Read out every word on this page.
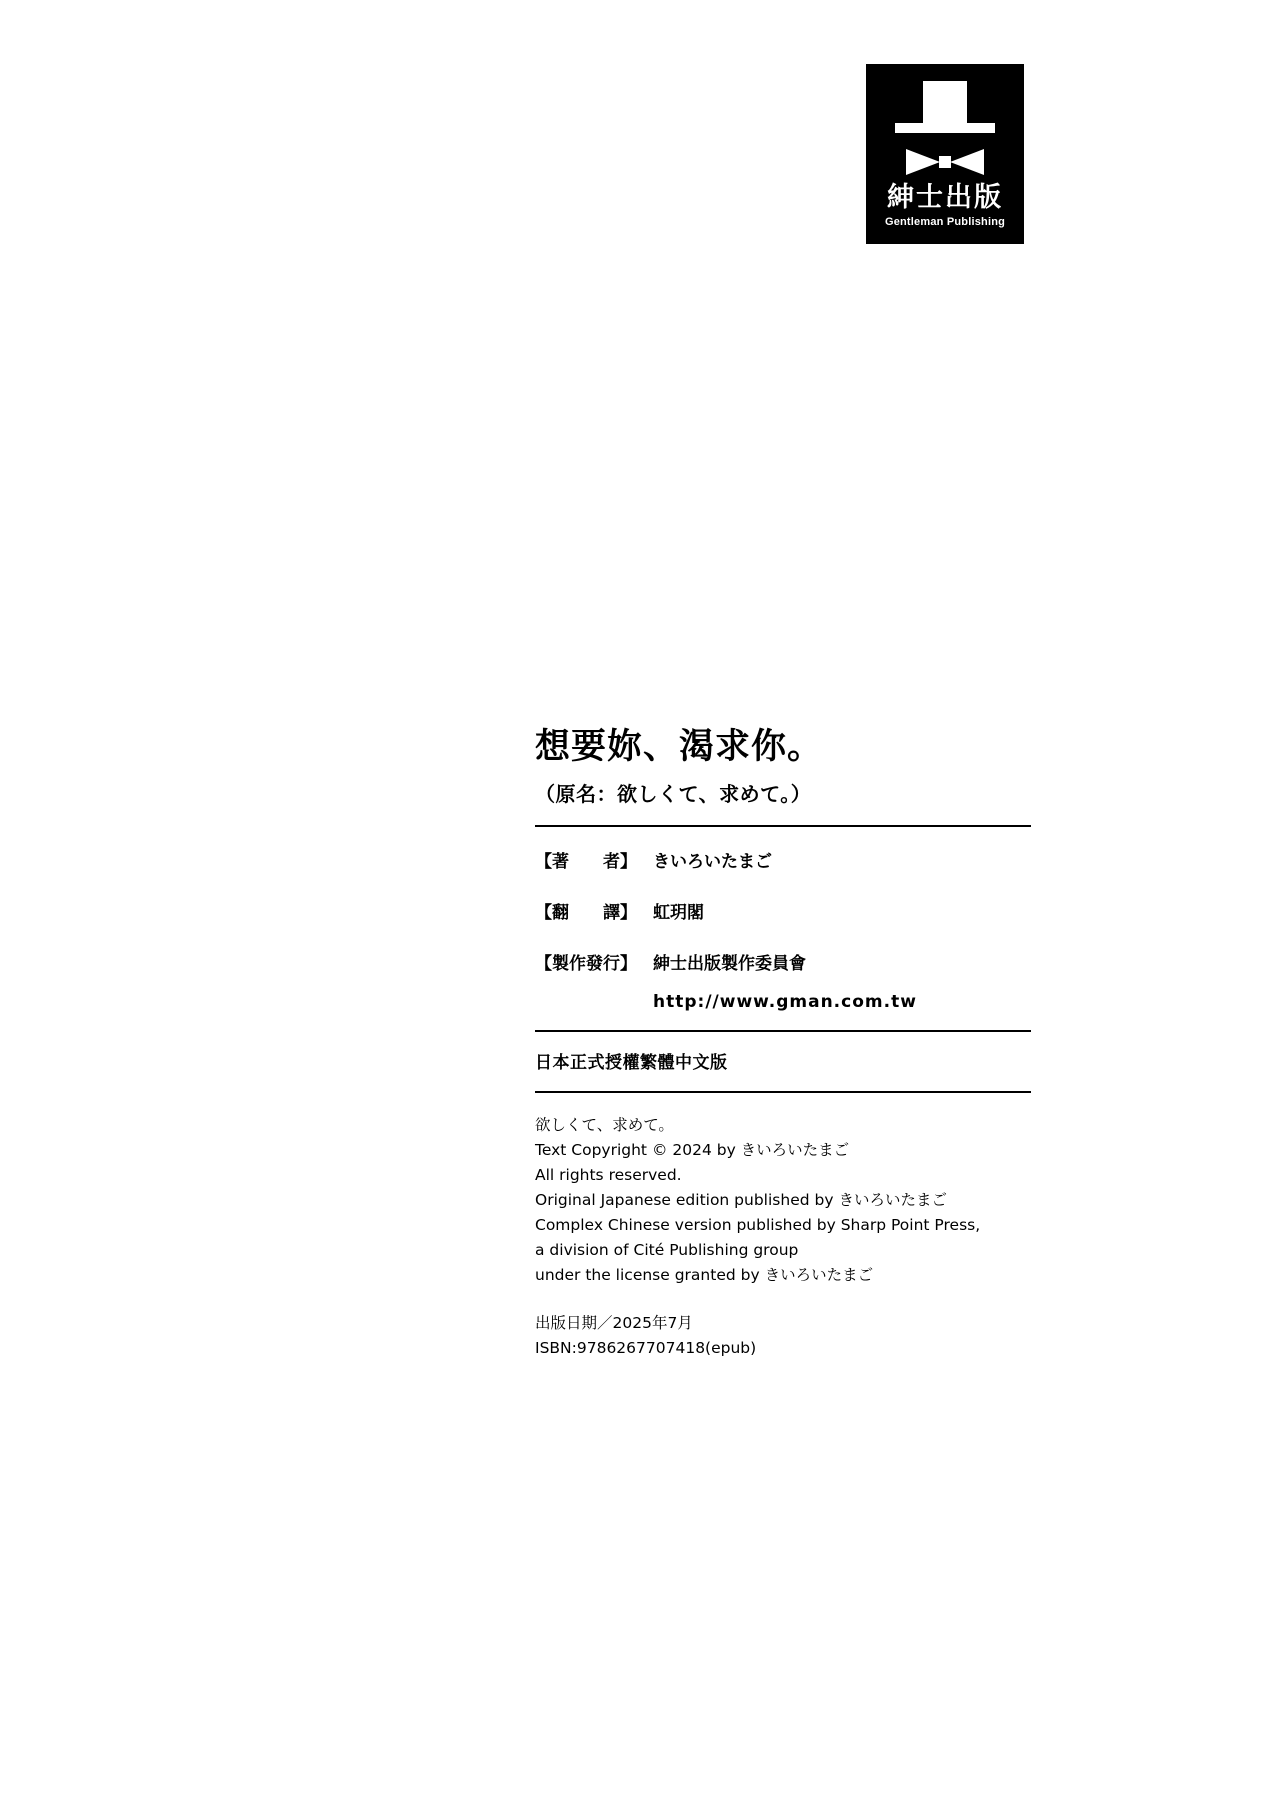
紳士出版
Gentleman Publishing
想要妳、渴求你。
（原名：欲しくて、求めて。）
【著　　者】 きいろいたまご
【翻　　譯】 虹玥閣
【製作發行】 紳士出版製作委員會
http://www.gman.com.tw
日本正式授權繁體中文版
欲しくて、求めて。
Text Copyright © 2024 by きいろいたまご
All rights reserved.
Original Japanese edition published by きいろいたまご
Complex Chinese version published by Sharp Point Press,
a division of Cité Publishing group
under the license granted by きいろいたまご
出版日期／2025年7月
ISBN:9786267707418(epub)
